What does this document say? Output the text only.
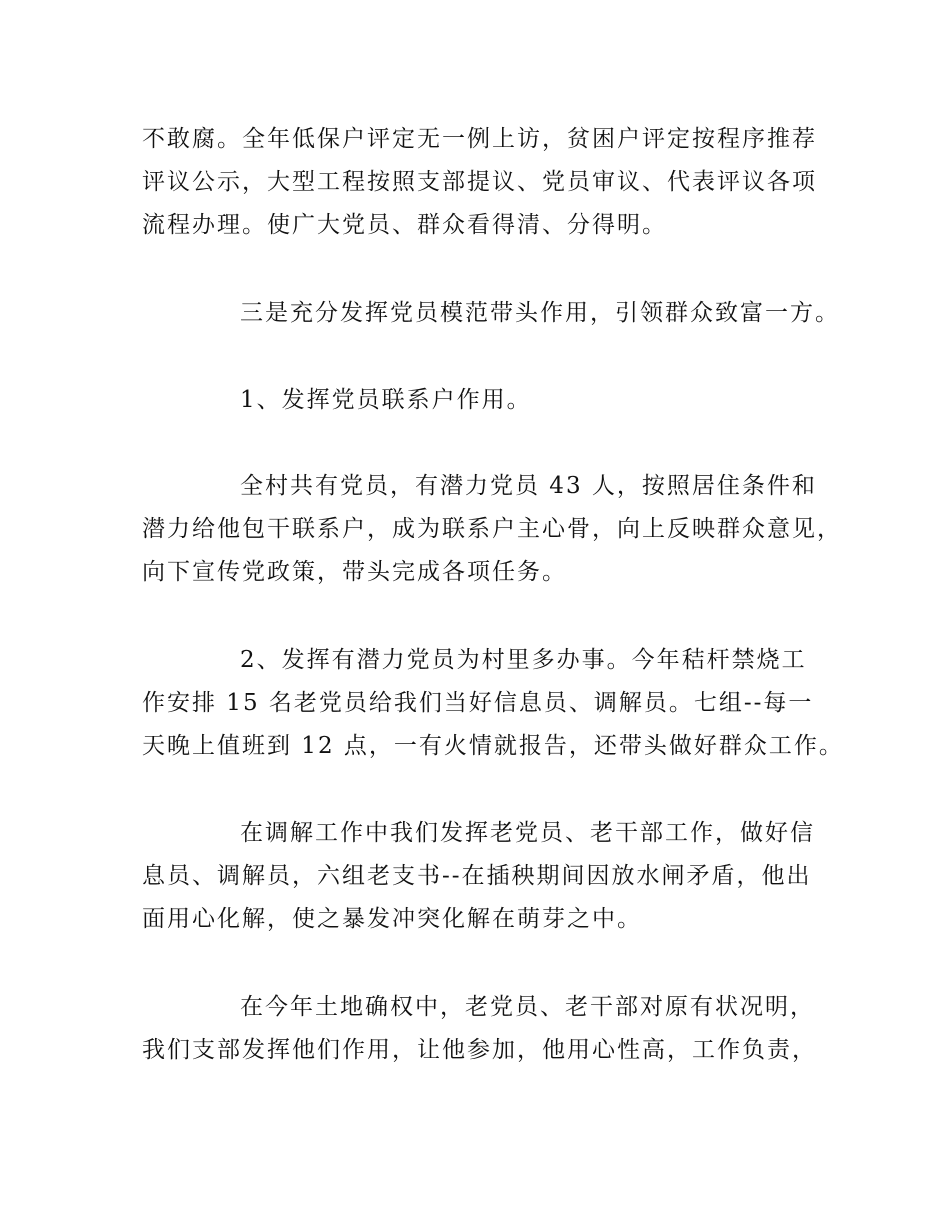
不敢腐。全年低保户评定无一例上访，贫困户评定按程序推荐
评议公示，大型工程按照支部提议、党员审议、代表评议各项
流程办理。使广大党员、群众看得清、分得明。
三是充分发挥党员模范带头作用，引领群众致富一方。
1、发挥党员联系户作用。
全村共有党员，有潜力党员 43 人，按照居住条件和
潜力给他包干联系户，成为联系户主心骨，向上反映群众意见，
向下宣传党政策，带头完成各项任务。
2、发挥有潜力党员为村里多办事。今年秸杆禁烧工
作安排 15 名老党员给我们当好信息员、调解员。七组--每一
天晚上值班到 12 点，一有火情就报告，还带头做好群众工作。
在调解工作中我们发挥老党员、老干部工作，做好信
息员、调解员，六组老支书--在插秧期间因放水闸矛盾，他出
面用心化解，使之暴发冲突化解在萌芽之中。
在今年土地确权中，老党员、老干部对原有状况明，
我们支部发挥他们作用，让他参加，他用心性高，工作负责，
